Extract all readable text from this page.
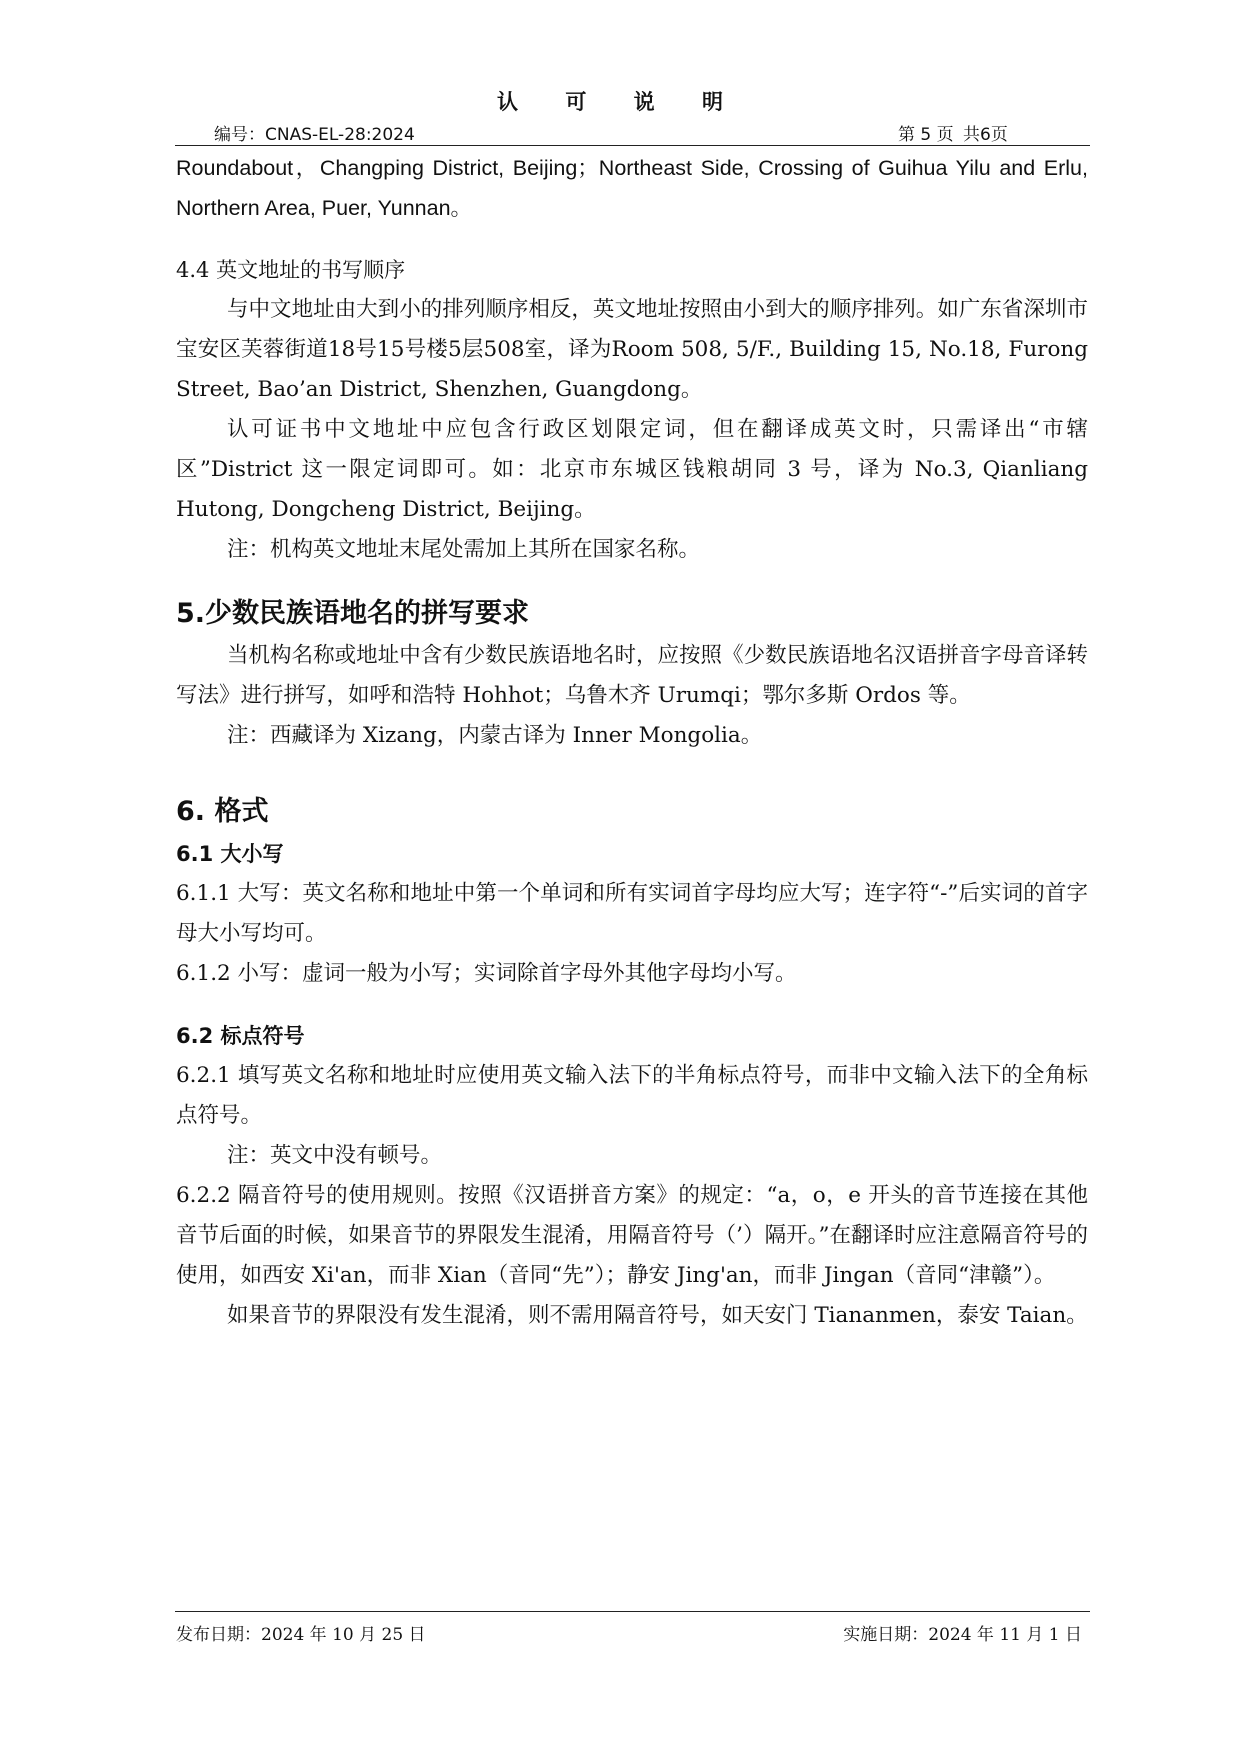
认 可 说 明
编号：CNAS-EL-28:2024	第 5 页 共6页

Roundabout，Changping District, Beijing；Northeast Side, Crossing of Guihua Yilu and Erlu, Northern Area, Puer, Yunnan。

4.4 英文地址的书写顺序

与中文地址由大到小的排列顺序相反，英文地址按照由小到大的顺序排列。如广东省深圳市宝安区芙蓉街道18号15号楼5层508室，译为Room 508, 5/F., Building 15, No.18, Furong Street, Bao’an District, Shenzhen, Guangdong。

认可证书中文地址中应包含行政区划限定词，但在翻译成英文时，只需译出“市辖区”District 这一限定词即可。如：北京市东城区钱粮胡同 3 号，译为 No.3, Qianliang Hutong, Dongcheng District, Beijing。

注：机构英文地址末尾处需加上其所在国家名称。

5.少数民族语地名的拼写要求

当机构名称或地址中含有少数民族语地名时，应按照《少数民族语地名汉语拼音字母音译转写法》进行拼写，如呼和浩特 Hohhot；乌鲁木齐 Urumqi；鄂尔多斯 Ordos 等。

注：西藏译为 Xizang，内蒙古译为 Inner Mongolia。

6. 格式

6.1 大小写

6.1.1 大写：英文名称和地址中第一个单词和所有实词首字母均应大写；连字符“-”后实词的首字母大小写均可。

6.1.2 小写：虚词一般为小写；实词除首字母外其他字母均小写。

6.2 标点符号

6.2.1 填写英文名称和地址时应使用英文输入法下的半角标点符号，而非中文输入法下的全角标点符号。

注：英文中没有顿号。

6.2.2 隔音符号的使用规则。按照《汉语拼音方案》的规定：“a，o，e 开头的音节连接在其他音节后面的时候，如果音节的界限发生混淆，用隔音符号（’）隔开。”在翻译时应注意隔音符号的使用，如西安 Xi'an，而非 Xian（音同“先”）；静安 Jing'an，而非 Jingan（音同“津赣”）。

如果音节的界限没有发生混淆，则不需用隔音符号，如天安门 Tiananmen，泰安 Taian。

发布日期：2024 年 10 月 25 日	实施日期：2024 年 11 月 1 日
